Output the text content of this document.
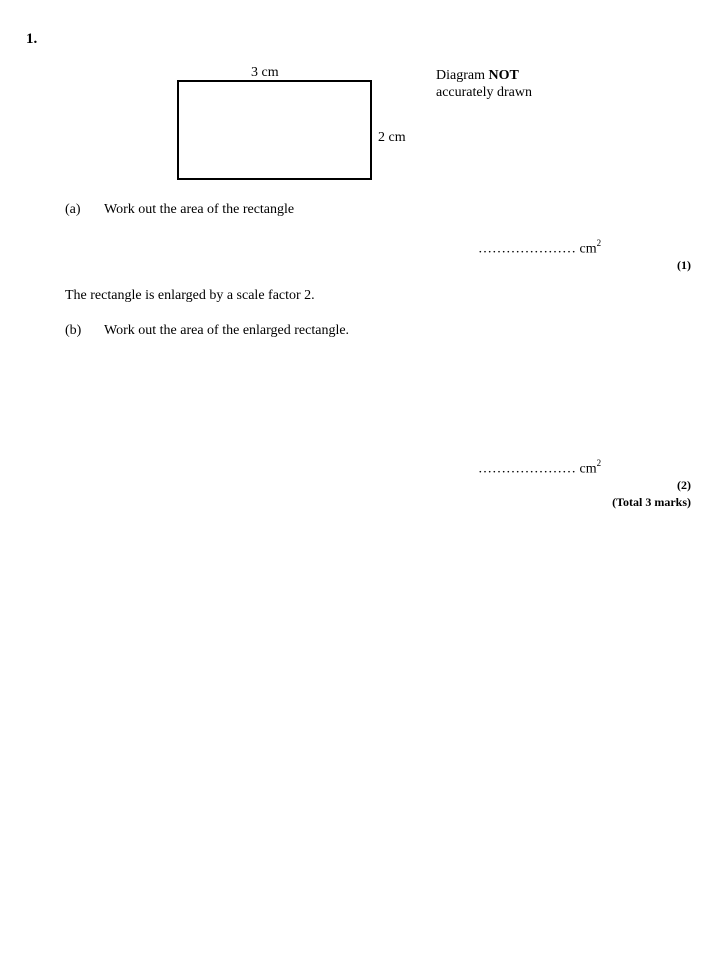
1.
3 cm
2 cm
Diagram NOT
accurately drawn
(a) Work out the area of the rectangle
………………… $cm^2$
(1)
The rectangle is enlarged by a scale factor 2.
(b) Work out the area of the enlarged rectangle.
………………… $cm^2$
(2)
(Total 3 marks)
